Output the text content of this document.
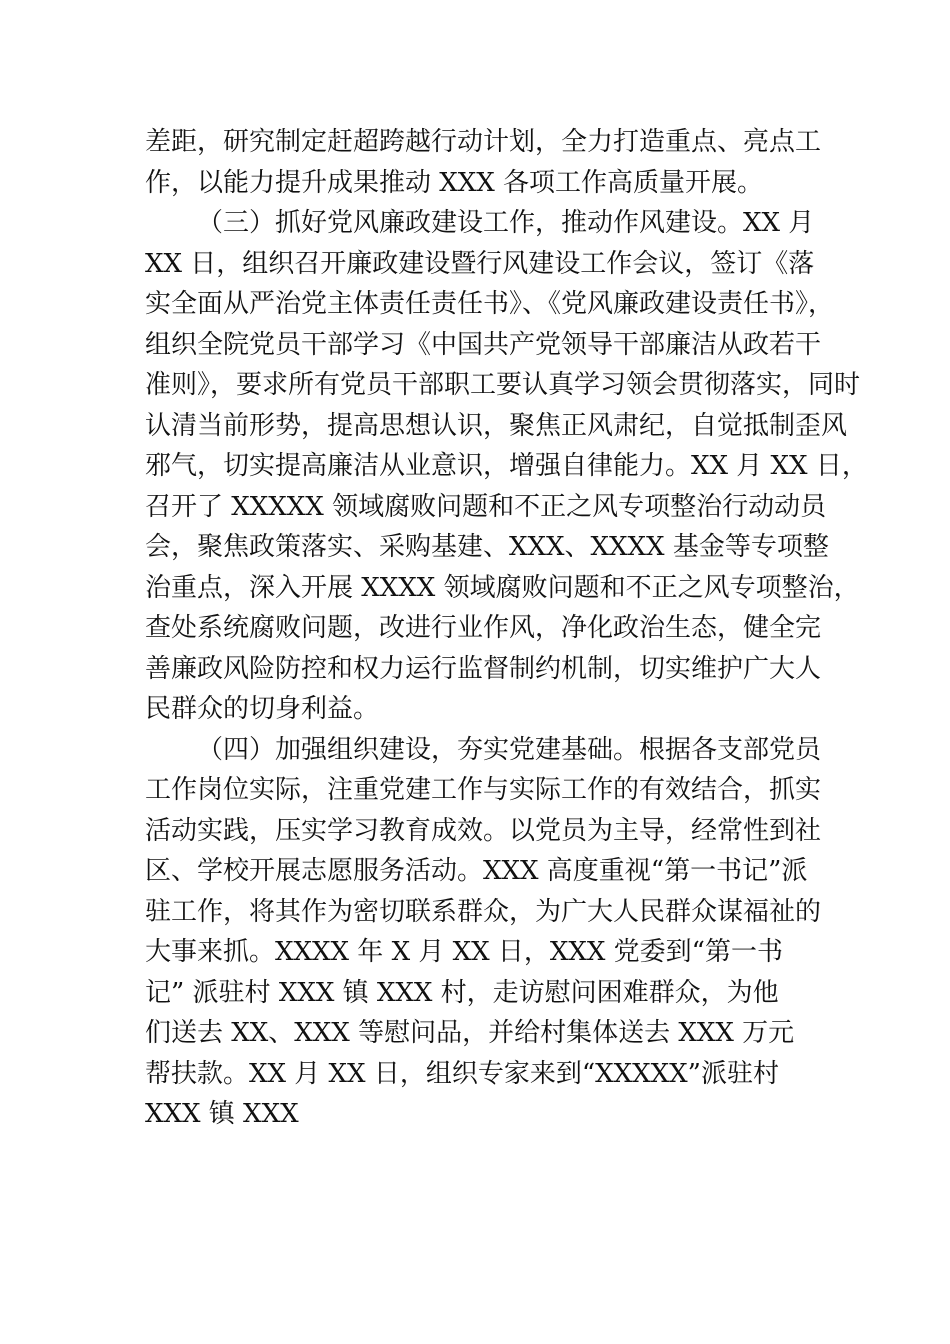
差距，研究制定赶超跨越行动计划，全力打造重点、亮点工
作，以能力提升成果推动 XXX 各项工作高质量开展。
（三）抓好党风廉政建设工作，推动作风建设。XX 月
XX 日，组织召开廉政建设暨行风建设工作会议，签订《落
实全面从严治党主体责任责任书》、《党风廉政建设责任书》，
组织全院党员干部学习《中国共产党领导干部廉洁从政若干
准则》，要求所有党员干部职工要认真学习领会贯彻落实，同时
认清当前形势，提高思想认识，聚焦正风肃纪，自觉抵制歪风
邪气，切实提高廉洁从业意识，增强自律能力。XX 月 XX 日，
召开了 XXXXX 领域腐败问题和不正之风专项整治行动动员
会，聚焦政策落实、采购基建、XXX、XXXX 基金等专项整
治重点，深入开展 XXXX 领域腐败问题和不正之风专项整治，
查处系统腐败问题，改进行业作风，净化政治生态，健全完
善廉政风险防控和权力运行监督制约机制，切实维护广大人
民群众的切身利益。
（四）加强组织建设，夯实党建基础。根据各支部党员
工作岗位实际，注重党建工作与实际工作的有效结合，抓实
活动实践，压实学习教育成效。以党员为主导，经常性到社
区、学校开展志愿服务活动。XXX 高度重视“第一书记”派
驻工作，将其作为密切联系群众，为广大人民群众谋福祉的
大事来抓。XXXX 年 X 月 XX 日，XXX 党委到“第一书
记” 派驻村 XXX 镇 XXX 村，走访慰问困难群众，为他
们送去 XX、XXX 等慰问品，并给村集体送去 XXX 万元
帮扶款。XX 月 XX 日，组织专家来到“XXXXX”派驻村
XXX 镇 XXX
